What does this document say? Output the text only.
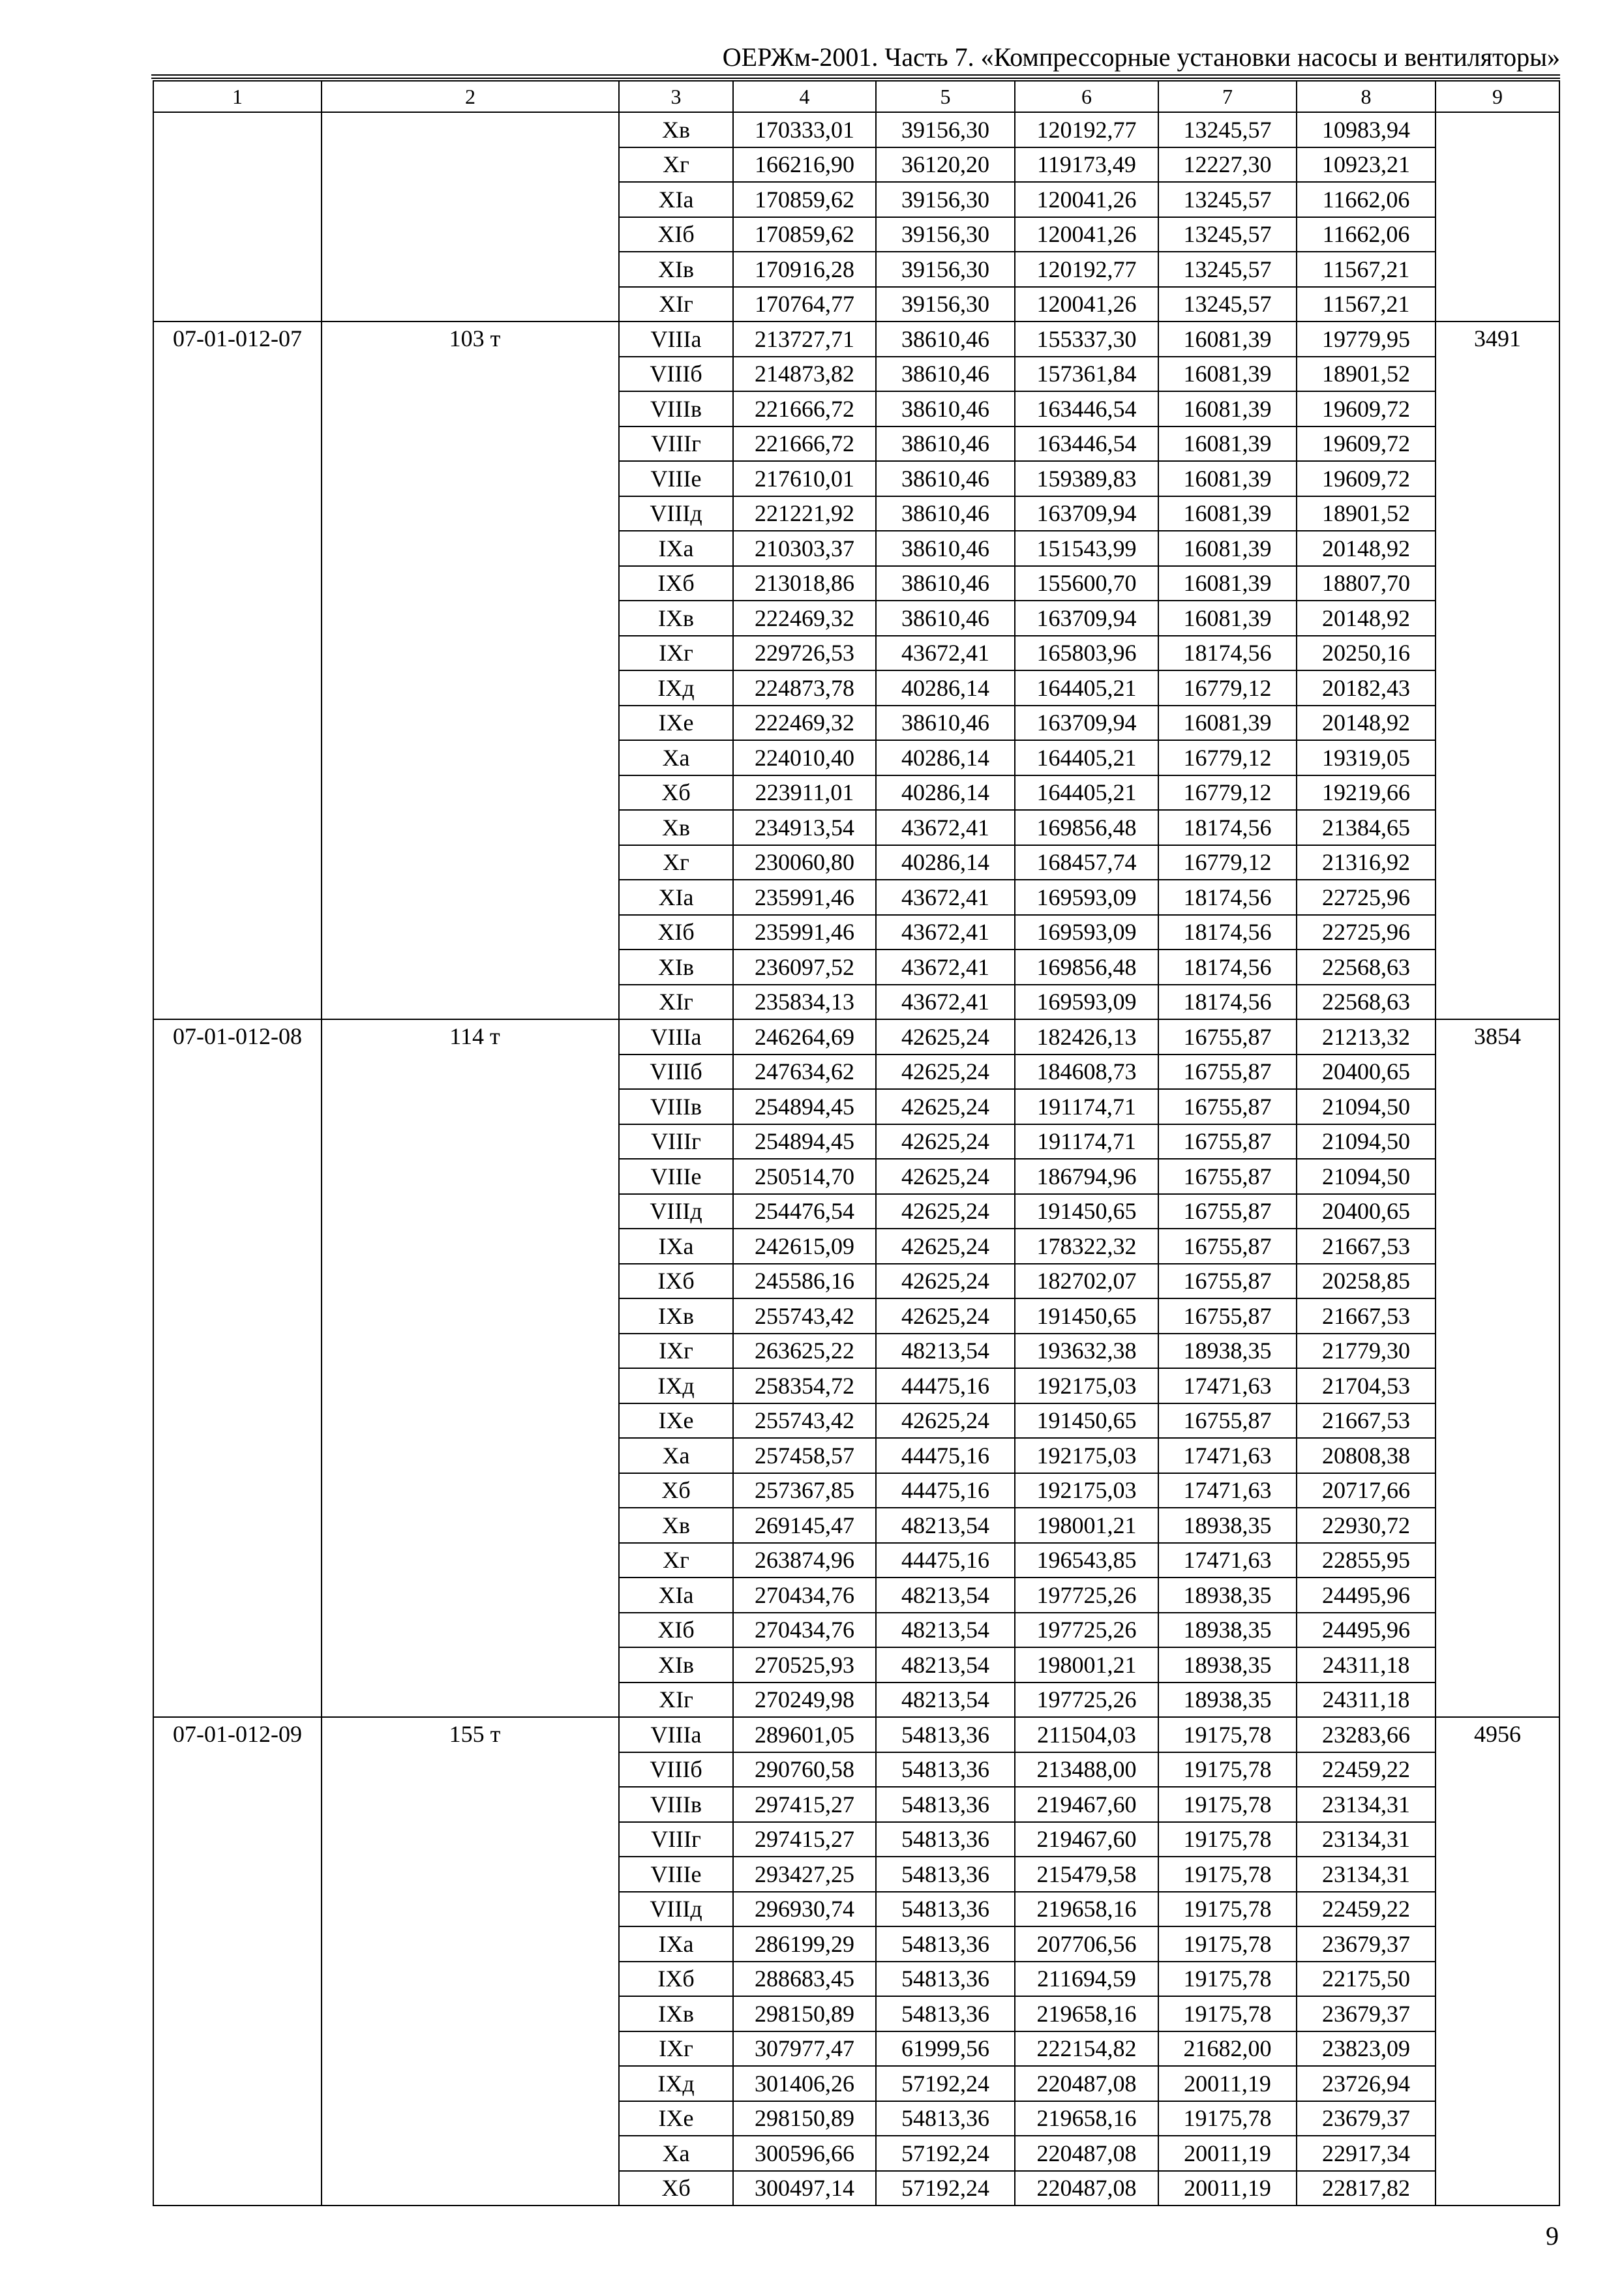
ОЕРЖм-2001. Часть 7. «Компрессорные установки насосы и вентиляторы»
1	2	3	4	5	6	7	8	9
		Хв	170333,01	39156,30	120192,77	13245,57	10983,94	
		Хг	166216,90	36120,20	119173,49	12227,30	10923,21	
		XIa	170859,62	39156,30	120041,26	13245,57	11662,06	
		XIб	170859,62	39156,30	120041,26	13245,57	11662,06	
		XIв	170916,28	39156,30	120192,77	13245,57	11567,21	
		XIг	170764,77	39156,30	120041,26	13245,57	11567,21	
07-01-012-07	103 т	VIIIa	213727,71	38610,46	155337,30	16081,39	19779,95	3491
		VIIIб	214873,82	38610,46	157361,84	16081,39	18901,52	
		VIIIв	221666,72	38610,46	163446,54	16081,39	19609,72	
		VIIIг	221666,72	38610,46	163446,54	16081,39	19609,72	
		VIIIe	217610,01	38610,46	159389,83	16081,39	19609,72	
		VIIIд	221221,92	38610,46	163709,94	16081,39	18901,52	
		IXa	210303,37	38610,46	151543,99	16081,39	20148,92	
		IXб	213018,86	38610,46	155600,70	16081,39	18807,70	
		IXв	222469,32	38610,46	163709,94	16081,39	20148,92	
		IXг	229726,53	43672,41	165803,96	18174,56	20250,16	
		IXд	224873,78	40286,14	164405,21	16779,12	20182,43	
		IXe	222469,32	38610,46	163709,94	16081,39	20148,92	
		Xa	224010,40	40286,14	164405,21	16779,12	19319,05	
		Xб	223911,01	40286,14	164405,21	16779,12	19219,66	
		Хв	234913,54	43672,41	169856,48	18174,56	21384,65	
		Хг	230060,80	40286,14	168457,74	16779,12	21316,92	
		XIa	235991,46	43672,41	169593,09	18174,56	22725,96	
		XIб	235991,46	43672,41	169593,09	18174,56	22725,96	
		XIв	236097,52	43672,41	169856,48	18174,56	22568,63	
		XIг	235834,13	43672,41	169593,09	18174,56	22568,63	
07-01-012-08	114 т	VIIIa	246264,69	42625,24	182426,13	16755,87	21213,32	3854
		VIIIб	247634,62	42625,24	184608,73	16755,87	20400,65	
		VIIIв	254894,45	42625,24	191174,71	16755,87	21094,50	
		VIIIг	254894,45	42625,24	191174,71	16755,87	21094,50	
		VIIIe	250514,70	42625,24	186794,96	16755,87	21094,50	
		VIIIд	254476,54	42625,24	191450,65	16755,87	20400,65	
		IXa	242615,09	42625,24	178322,32	16755,87	21667,53	
		IXб	245586,16	42625,24	182702,07	16755,87	20258,85	
		IXв	255743,42	42625,24	191450,65	16755,87	21667,53	
		IXг	263625,22	48213,54	193632,38	18938,35	21779,30	
		IXд	258354,72	44475,16	192175,03	17471,63	21704,53	
		IXe	255743,42	42625,24	191450,65	16755,87	21667,53	
		Xa	257458,57	44475,16	192175,03	17471,63	20808,38	
		Xб	257367,85	44475,16	192175,03	17471,63	20717,66	
		Хв	269145,47	48213,54	198001,21	18938,35	22930,72	
		Хг	263874,96	44475,16	196543,85	17471,63	22855,95	
		XIa	270434,76	48213,54	197725,26	18938,35	24495,96	
		XIб	270434,76	48213,54	197725,26	18938,35	24495,96	
		XIв	270525,93	48213,54	198001,21	18938,35	24311,18	
		XIг	270249,98	48213,54	197725,26	18938,35	24311,18	
07-01-012-09	155 т	VIIIa	289601,05	54813,36	211504,03	19175,78	23283,66	4956
		VIIIб	290760,58	54813,36	213488,00	19175,78	22459,22	
		VIIIв	297415,27	54813,36	219467,60	19175,78	23134,31	
		VIIIг	297415,27	54813,36	219467,60	19175,78	23134,31	
		VIIIe	293427,25	54813,36	215479,58	19175,78	23134,31	
		VIIIд	296930,74	54813,36	219658,16	19175,78	22459,22	
		IXa	286199,29	54813,36	207706,56	19175,78	23679,37	
		IXб	288683,45	54813,36	211694,59	19175,78	22175,50	
		IXв	298150,89	54813,36	219658,16	19175,78	23679,37	
		IXг	307977,47	61999,56	222154,82	21682,00	23823,09	
		IXд	301406,26	57192,24	220487,08	20011,19	23726,94	
		IXe	298150,89	54813,36	219658,16	19175,78	23679,37	
		Xa	300596,66	57192,24	220487,08	20011,19	22917,34	
		Xб	300497,14	57192,24	220487,08	20011,19	22817,82	
9
